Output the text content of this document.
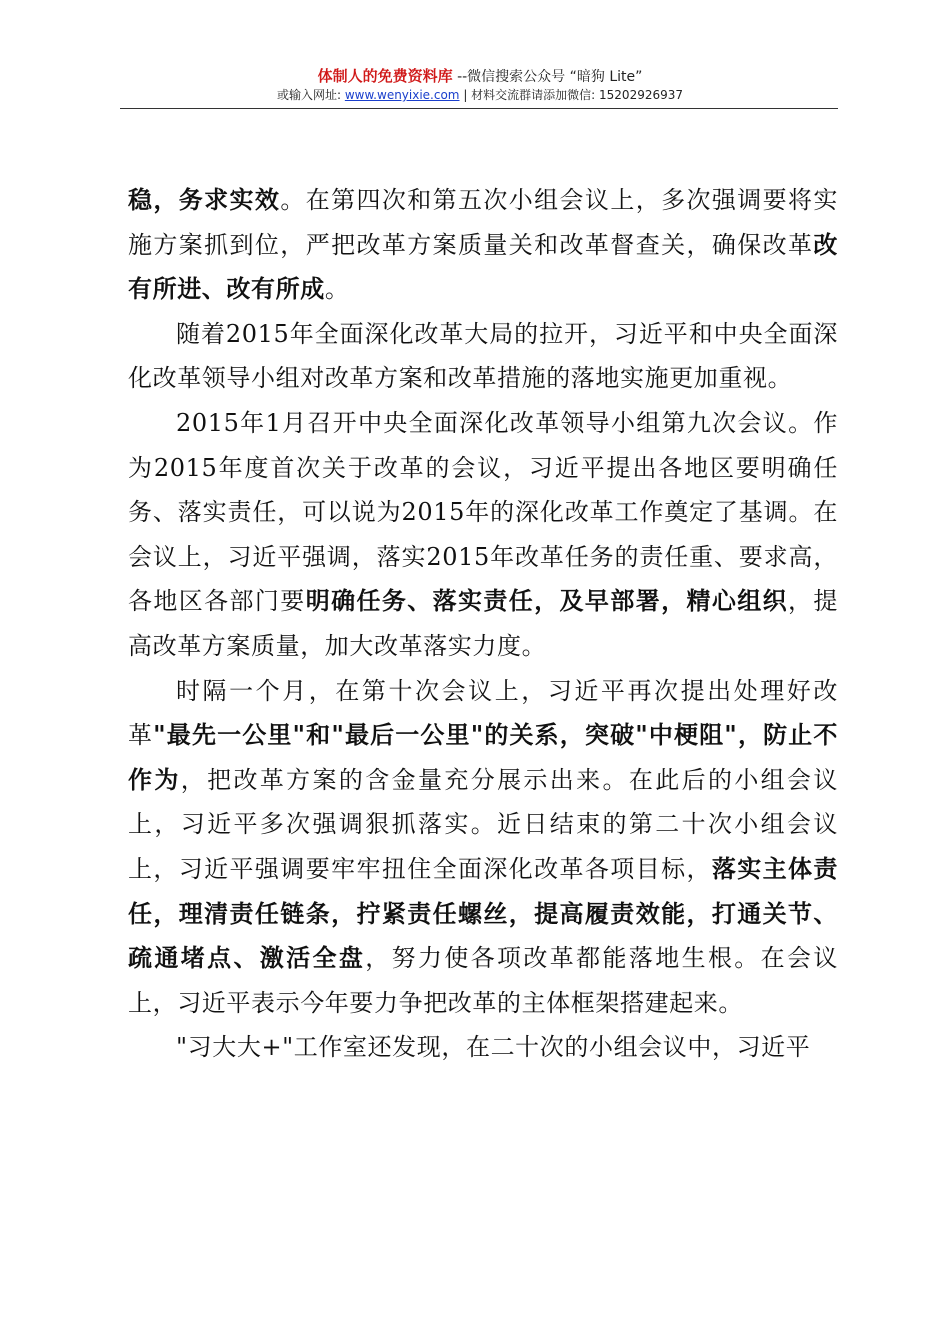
体制人的免费资料库 --微信搜索公众号 “暗狗 Lite”
或输入网址: www.wenyixie.com | 材料交流群请添加微信: 15202926937

稳，务求实效。在第四次和第五次小组会议上，多次强调要将实施方案抓到位，严把改革方案质量关和改革督查关，确保改革改有所进、改有所成。

随着2015年全面深化改革大局的拉开，习近平和中央全面深化改革领导小组对改革方案和改革措施的落地实施更加重视。

2015年1月召开中央全面深化改革领导小组第九次会议。作为2015年度首次关于改革的会议，习近平提出各地区要明确任务、落实责任，可以说为2015年的深化改革工作奠定了基调。在会议上，习近平强调，落实2015年改革任务的责任重、要求高，各地区各部门要明确任务、落实责任，及早部署，精心组织，提高改革方案质量，加大改革落实力度。

时隔一个月，在第十次会议上，习近平再次提出处理好改革"最先一公里"和"最后一公里"的关系，突破"中梗阻"，防止不作为，把改革方案的含金量充分展示出来。在此后的小组会议上，习近平多次强调狠抓落实。近日结束的第二十次小组会议上，习近平强调要牢牢扭住全面深化改革各项目标，落实主体责任，理清责任链条，拧紧责任螺丝，提高履责效能，打通关节、疏通堵点、激活全盘，努力使各项改革都能落地生根。在会议上，习近平表示今年要力争把改革的主体框架搭建起来。

"习大大+"工作室还发现，在二十次的小组会议中，习近平
